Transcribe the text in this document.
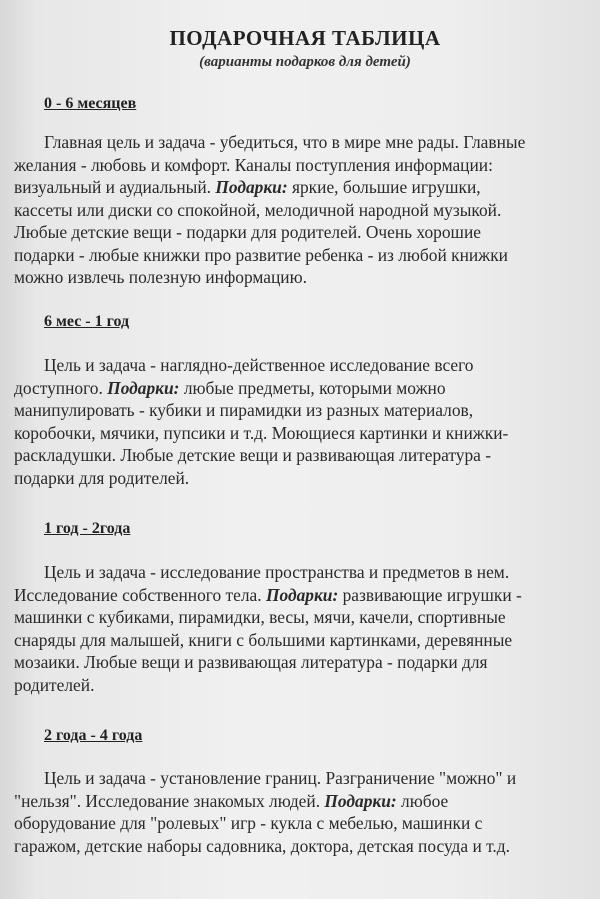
ПОДАРОЧНАЯ ТАБЛИЦА
(варианты подарков для детей)
0 - 6 месяцев
Главная цель и задача - убедиться, что в мире мне рады. Главные
желания - любовь и комфорт. Каналы поступления информации:
визуальный и аудиальный. Подарки: яркие, большие игрушки,
кассеты или диски со спокойной, мелодичной народной музыкой.
Любые детские вещи - подарки для родителей. Очень хорошие
подарки - любые книжки про развитие ребенка - из любой книжки
можно извлечь полезную информацию.
6 мес - 1 год
Цель и задача - наглядно-действенное исследование всего
доступного. Подарки: любые предметы, которыми можно
манипулировать - кубики и пирамидки из разных материалов,
коробочки, мячики, пупсики и т.д. Моющиеся картинки и книжки-
раскладушки. Любые детские вещи и развивающая литература -
подарки для родителей.
1 год - 2года
Цель и задача - исследование пространства и предметов в нем.
Исследование собственного тела. Подарки: развивающие игрушки -
машинки с кубиками, пирамидки, весы, мячи, качели, спортивные
снаряды для малышей, книги с большими картинками, деревянные
мозаики. Любые вещи и развивающая литература - подарки для
родителей.
2 года - 4 года
Цель и задача - установление границ. Разграничение "можно" и
"нельзя". Исследование знакомых людей. Подарки: любое
оборудование для "ролевых" игр - кукла с мебелью, машинки с
гаражом, детские наборы садовника, доктора, детская посуда и т.д.
